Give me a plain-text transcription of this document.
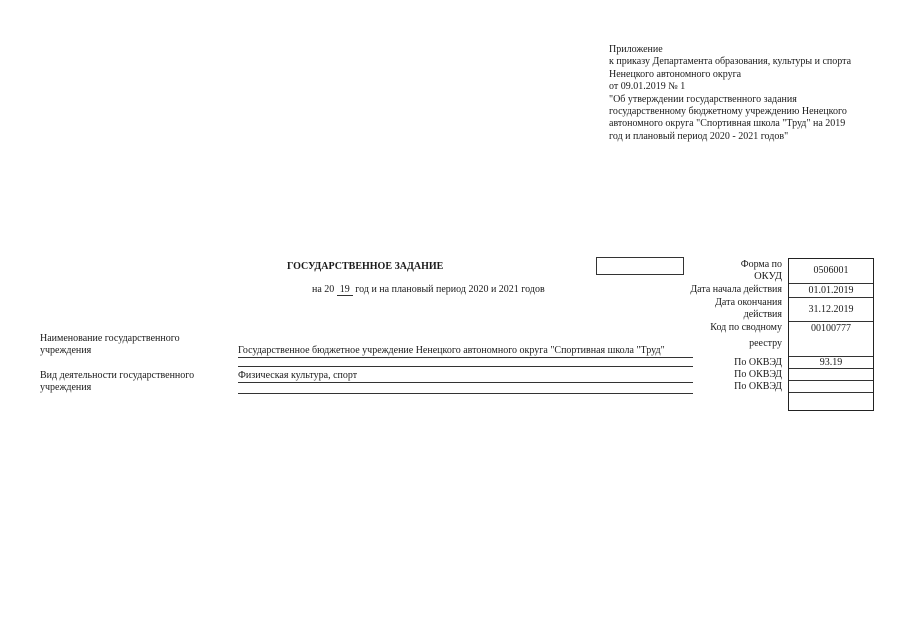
Приложение
к приказу Департамента образования, культуры и спорта
Ненецкого автономного округа
от 09.01.2019 № 1
"Об утверждении государственного задания
государственному бюджетному учреждению Ненецкого
автономного округа "Спортивная школа "Труд" на 2019
год и плановый период 2020 - 2021 годов"
ГОСУДАРСТВЕННОЕ ЗАДАНИЕ
на 20 19 год и на плановый период 2020 и 2021 годов
Форма по
ОКУД
Дата начала действия
Дата окончания
действия
Код по сводному
реестру
По ОКВЭД
По ОКВЭД
По ОКВЭД
0506001
01.01.2019
31.12.2019
00100777
93.19
Наименование государственного
учреждения	Государственное бюджетное учреждение Ненецкого автономного округа "Спортивная школа "Труд"
Вид деятельности государственного
учреждения
Физическая культура, спорт
